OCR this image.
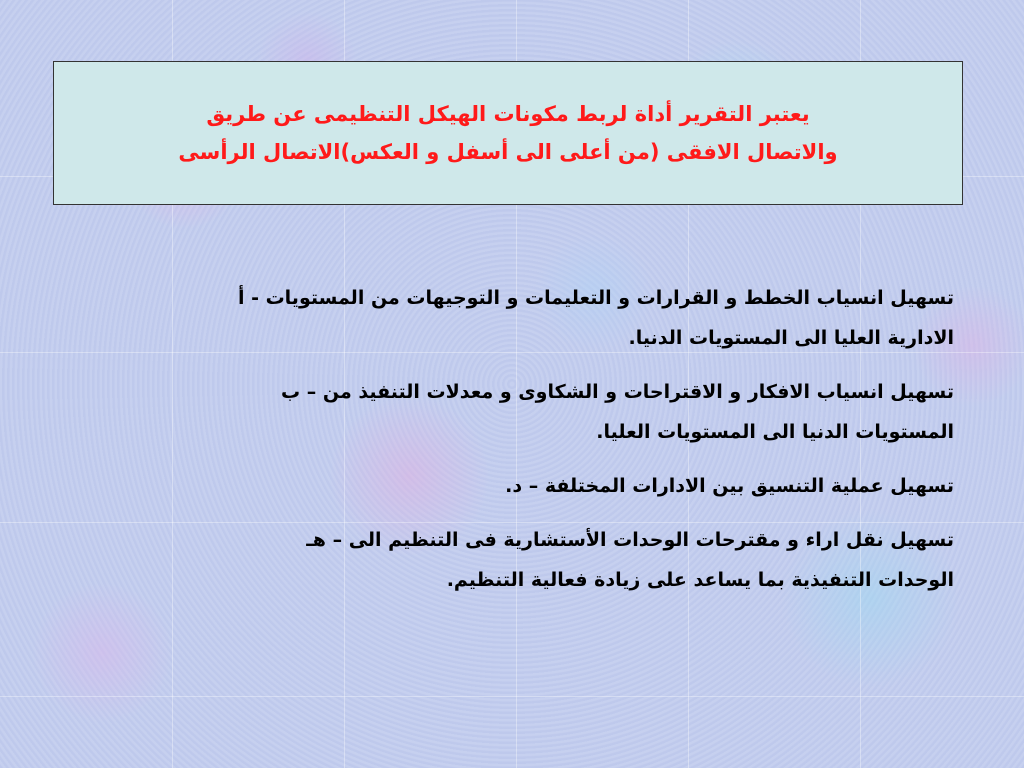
يعتبر التقرير أداة لربط مكونات الهيكل التنظيمى عن طريق
والاتصال الافقى (من أعلى الى أسفل و العكس)الاتصال الرأسى
تسهيل انسياب الخطط و القرارات و التعليمات و التوجيهات من المستويات - أ
الادارية العليا الى المستويات الدنيا.
تسهيل انسياب الافكار و الاقتراحات و الشكاوى و معدلات التنفيذ من – ب
المستويات الدنيا الى المستويات العليا.
تسهيل عملية التنسيق بين الادارات المختلفة – د.
تسهيل نقل اراء و مقترحات الوحدات الأستشارية فى التنظيم الى – هـ
الوحدات التنفيذية بما يساعد على زيادة فعالية التنظيم.
